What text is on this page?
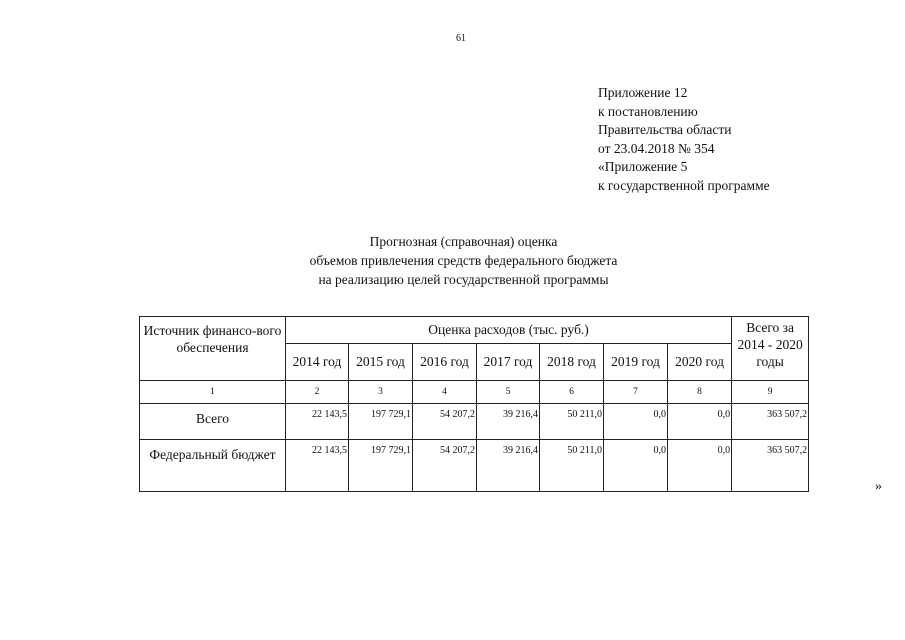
61
Приложение 12
к постановлению
Правительства области
от 23.04.2018 № 354
«Приложение 5
к государственной программе
Прогнозная (справочная) оценка
объемов привлечения средств федерального бюджета
на реализацию целей государственной программы
Источник финансо-вого обеспечения	Оценка расходов (тыс. руб.)							Всего за 2014 - 2020 годы
	2014 год	2015 год	2016 год	2017 год	2018 год	2019 год	2020 год	
1	2	3	4	5	6	7	8	9
Всего	22 143,5	197 729,1	54 207,2	39 216,4	50 211,0	0,0	0,0	363 507,2
Федеральный бюджет	22 143,5	197 729,1	54 207,2	39 216,4	50 211,0	0,0	0,0	363 507,2
»
